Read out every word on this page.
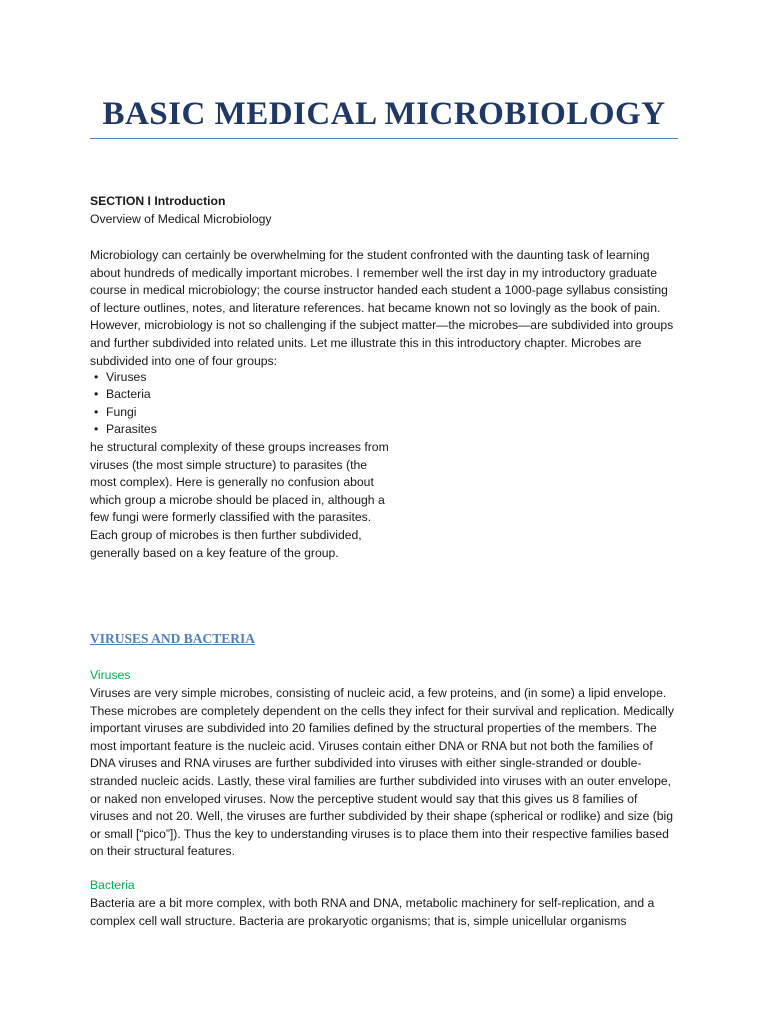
BASIC MEDICAL MICROBIOLOGY

SECTION I Introduction

Overview of Medical Microbiology

Microbiology can certainly be overwhelming for the student confronted with the daunting task of learning about hundreds of medically important microbes. I remember well the irst day in my introductory graduate course in medical microbiology; the course instructor handed each student a 1000-page syllabus consisting of lecture outlines, notes, and literature references. hat became known not so lovingly as the book of pain. However, microbiology is not so challenging if the subject matter—the microbes—are subdivided into groups and further subdivided into related units. Let me illustrate this in this introductory chapter. Microbes are subdivided into one of four groups:

• Viruses
• Bacteria
• Fungi
• Parasites

he structural complexity of these groups increases from viruses (the most simple structure) to parasites (the most complex). Here is generally no confusion about which group a microbe should be placed in, although a few fungi were formerly classified with the parasites. Each group of microbes is then further subdivided, generally based on a key feature of the group.

VIRUSES AND BACTERIA
Viruses

Viruses are very simple microbes, consisting of nucleic acid, a few proteins, and (in some) a lipid envelope. These microbes are completely dependent on the cells they infect for their survival and replication. Medically important viruses are subdivided into 20 families defined by the structural properties of the members. The most important feature is the nucleic acid. Viruses contain either DNA or RNA but not both the families of DNA viruses and RNA viruses are further subdivided into viruses with either single-stranded or double-stranded nucleic acids. Lastly, these viral families are further subdivided into viruses with an outer envelope, or naked non enveloped viruses. Now the perceptive student would say that this gives us 8 families of viruses and not 20. Well, the viruses are further subdivided by their shape (spherical or rodlike) and size (big or small [“pico”]). Thus the key to understanding viruses is to place them into their respective families based on their structural features.

Bacteria

Bacteria are a bit more complex, with both RNA and DNA, metabolic machinery for self-replication, and a complex cell wall structure. Bacteria are prokaryotic organisms; that is, simple unicellular organisms
